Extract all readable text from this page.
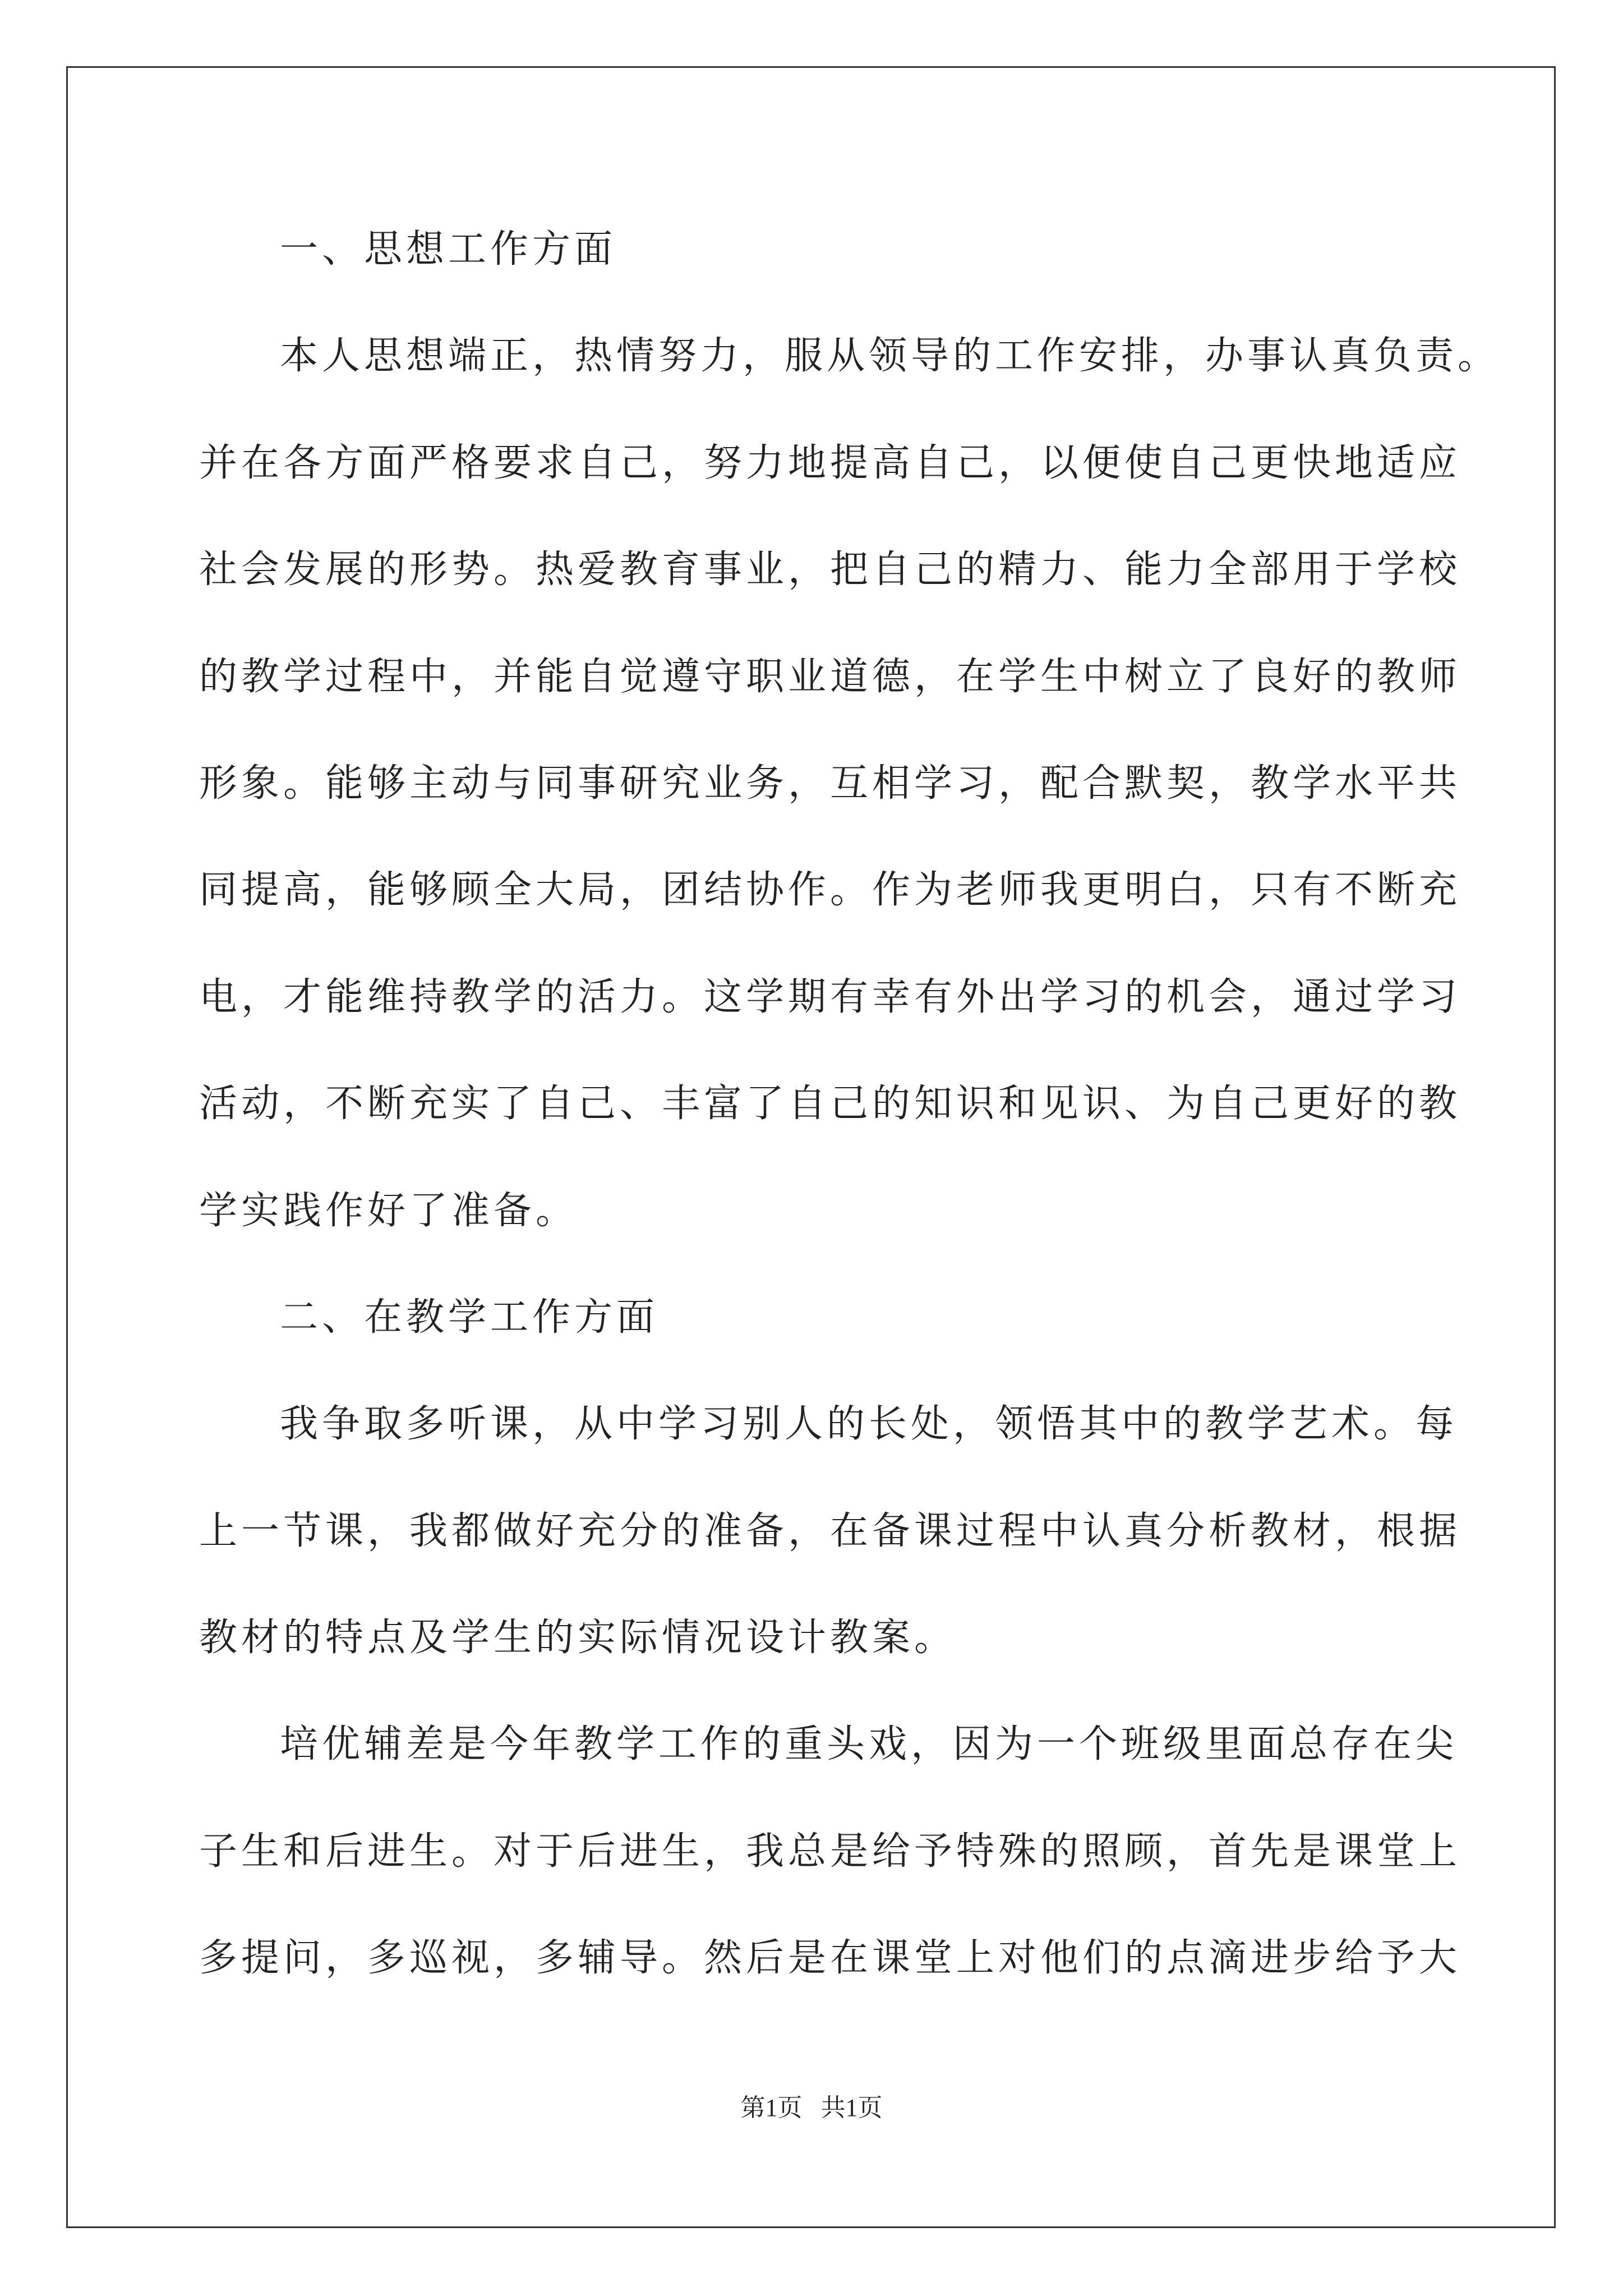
一、思想工作方面
本人思想端正，热情努力，服从领导的工作安排，办事认真负责。
并在各方面严格要求自己，努力地提高自己，以便使自己更快地适应
社会发展的形势。热爱教育事业，把自己的精力、能力全部用于学校
的教学过程中，并能自觉遵守职业道德，在学生中树立了良好的教师
形象。能够主动与同事研究业务，互相学习，配合默契，教学水平共
同提高，能够顾全大局，团结协作。作为老师我更明白，只有不断充
电，才能维持教学的活力。这学期有幸有外出学习的机会，通过学习
活动，不断充实了自己、丰富了自己的知识和见识、为自己更好的教
学实践作好了准备。
二、在教学工作方面
我争取多听课，从中学习别人的长处，领悟其中的教学艺术。每
上一节课，我都做好充分的准备，在备课过程中认真分析教材，根据
教材的特点及学生的实际情况设计教案。
培优辅差是今年教学工作的重头戏，因为一个班级里面总存在尖
子生和后进生。对于后进生，我总是给予特殊的照顾，首先是课堂上
多提问，多巡视，多辅导。然后是在课堂上对他们的点滴进步给予大
第1页   共1页
